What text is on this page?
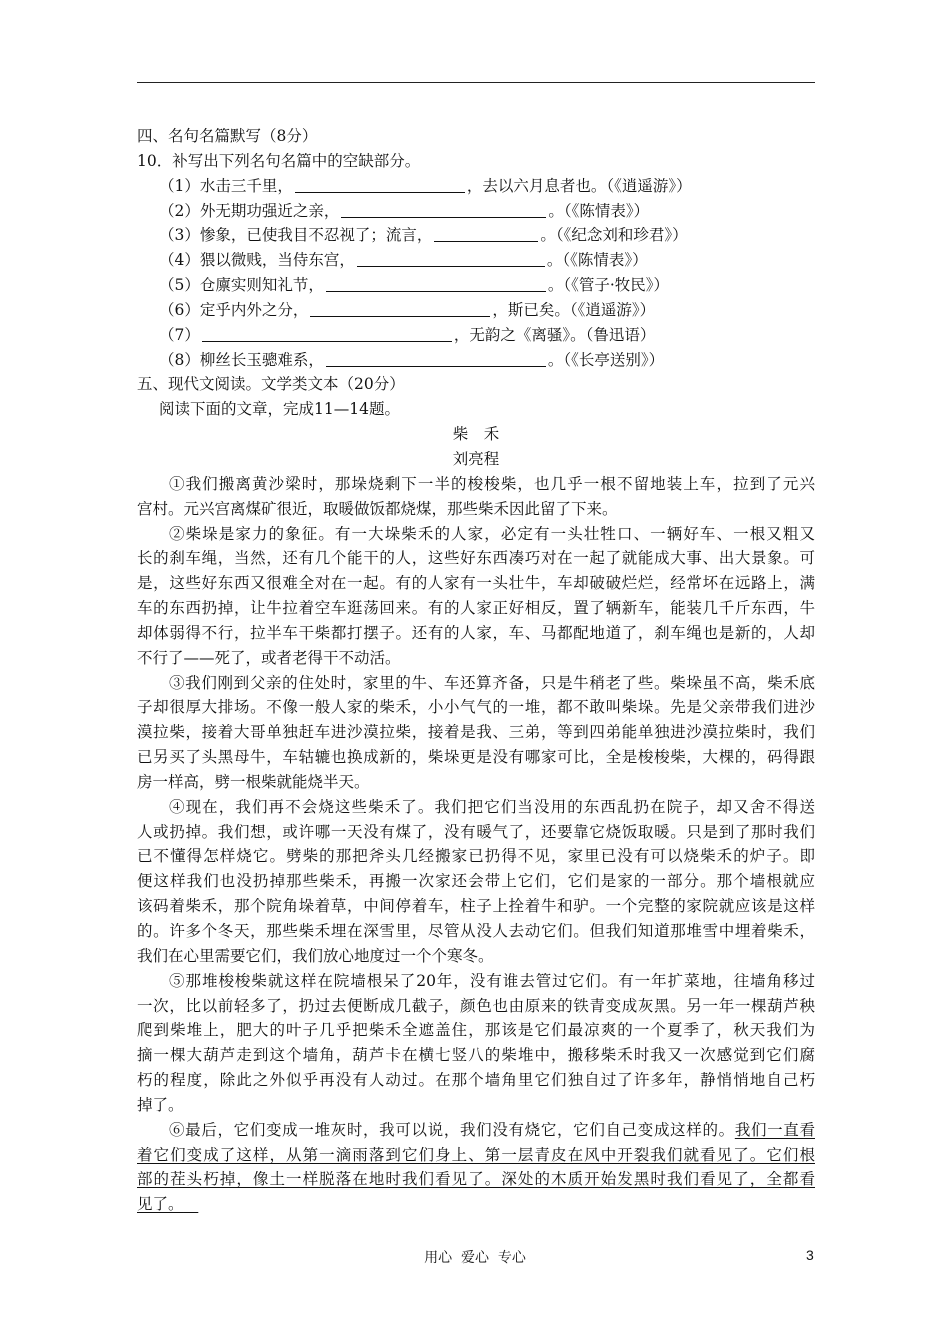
四、名句名篇默写（8分）
10．补写出下列名句名篇中的空缺部分。
（1）水击三千里，	，去以六月息者也。（《逍遥游》）
（2）外无期功强近之亲，	。（《陈情表》）
（3）惨象，已使我目不忍视了；流言，	。（《纪念刘和珍君》）
（4）猥以微贱，当侍东宫，	。（《陈情表》）
（5）仓廪实则知礼节，	。（《管子·牧民》）
（6）定乎内外之分，	，斯已矣。（《逍遥游》）
（7）	，无韵之《离骚》。（鲁迅语）
（8）柳丝长玉骢难系，	。（《长亭送别》）
五、现代文阅读。文学类文本（20分）
阅读下面的文章，完成11—14题。
柴　禾
刘亮程
①我们搬离黄沙梁时，那垛烧剩下一半的梭梭柴，也几乎一根不留地装上车，拉到了元兴
宫村。元兴宫离煤矿很近，取暖做饭都烧煤，那些柴禾因此留了下来。
②柴垛是家力的象征。有一大垛柴禾的人家，必定有一头壮牲口、一辆好车、一根又粗又
长的刹车绳，当然，还有几个能干的人，这些好东西凑巧对在一起了就能成大事、出大景象。可
是，这些好东西又很难全对在一起。有的人家有一头壮牛，车却破破烂烂，经常坏在远路上，满
车的东西扔掉，让牛拉着空车逛荡回来。有的人家正好相反，置了辆新车，能装几千斤东西，牛
却体弱得不行，拉半车干柴都打摆子。还有的人家，车、马都配地道了，刹车绳也是新的，人却
不行了——死了，或者老得干不动活。
③我们刚到父亲的住处时，家里的牛、车还算齐备，只是牛稍老了些。柴垛虽不高，柴禾底
子却很厚大排场。不像一般人家的柴禾，小小气气的一堆，都不敢叫柴垛。先是父亲带我们进沙
漠拉柴，接着大哥单独赶车进沙漠拉柴，接着是我、三弟，等到四弟能单独进沙漠拉柴时，我们
已另买了头黑母牛，车轱辘也换成新的，柴垛更是没有哪家可比，全是梭梭柴，大棵的，码得跟
房一样高，劈一根柴就能烧半天。
④现在，我们再不会烧这些柴禾了。我们把它们当没用的东西乱扔在院子，却又舍不得送
人或扔掉。我们想，或许哪一天没有煤了，没有暖气了，还要靠它烧饭取暖。只是到了那时我们
已不懂得怎样烧它。劈柴的那把斧头几经搬家已扔得不见，家里已没有可以烧柴禾的炉子。即
便这样我们也没扔掉那些柴禾，再搬一次家还会带上它们，它们是家的一部分。那个墙根就应
该码着柴禾，那个院角垛着草，中间停着车，柱子上拴着牛和驴。一个完整的家院就应该是这样
的。许多个冬天，那些柴禾埋在深雪里，尽管从没人去动它们。但我们知道那堆雪中埋着柴禾，
我们在心里需要它们，我们放心地度过一个个寒冬。
⑤那堆梭梭柴就这样在院墙根呆了20年，没有谁去管过它们。有一年扩菜地，往墙角移过
一次，比以前轻多了，扔过去便断成几截子，颜色也由原来的铁青变成灰黑。另一年一棵葫芦秧
爬到柴堆上，肥大的叶子几乎把柴禾全遮盖住，那该是它们最凉爽的一个夏季了，秋天我们为
摘一棵大葫芦走到这个墙角，葫芦卡在横七竖八的柴堆中，搬移柴禾时我又一次感觉到它们腐
朽的程度，除此之外似乎再没有人动过。在那个墙角里它们独自过了许多年，静悄悄地自己朽
掉了。
⑥最后，它们变成一堆灰时，我可以说，我们没有烧它，它们自己变成这样的。我们一直看
着它们变成了这样，从第一滴雨落到它们身上、第一层青皮在风中开裂我们就看见了。它们根
部的茬头朽掉，像土一样脱落在地时我们看见了。深处的木质开始发黑时我们看见了，全都看
见了。
用心  爱心  专心	3
